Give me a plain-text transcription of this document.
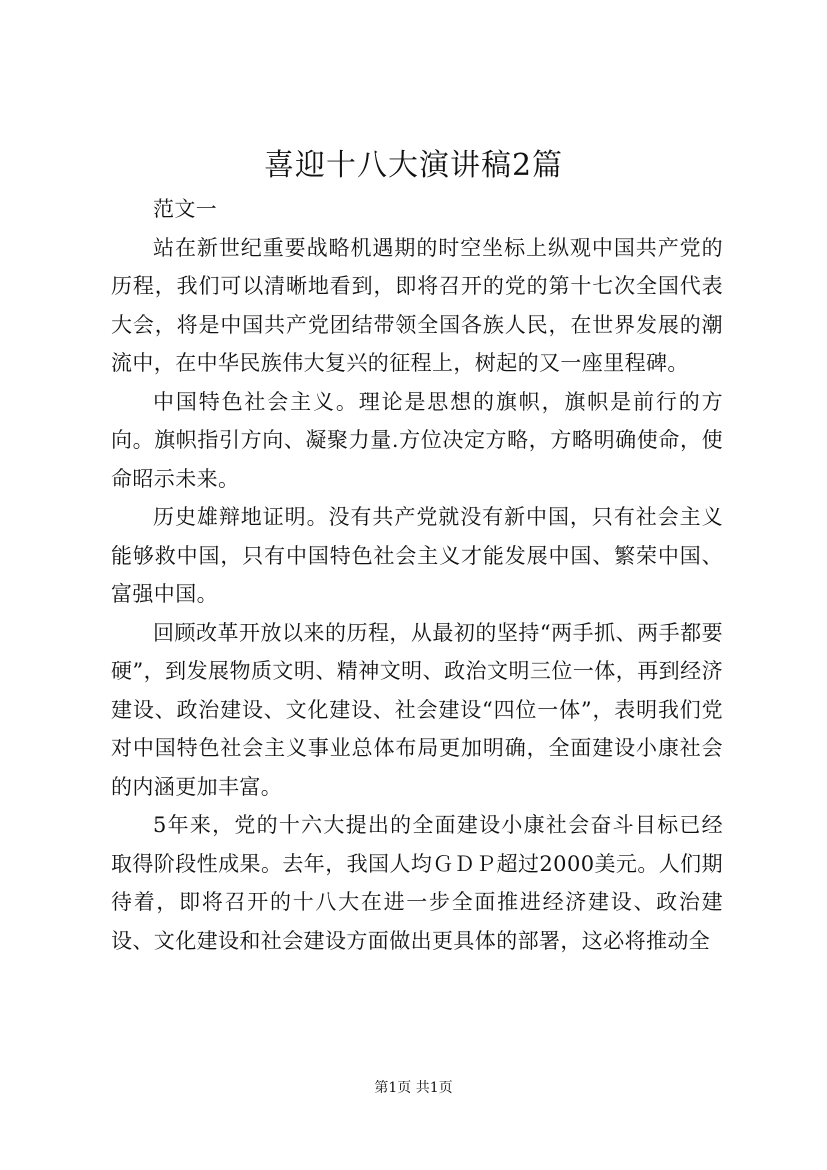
喜迎十八大演讲稿2篇

范文一

站在新世纪重要战略机遇期的时空坐标上纵观中国共产党的历程，我们可以清晰地看到，即将召开的党的第十七次全国代表大会，将是中国共产党团结带领全国各族人民，在世界发展的潮流中，在中华民族伟大复兴的征程上，树起的又一座里程碑。

中国特色社会主义。理论是思想的旗帜，旗帜是前行的方向。旗帜指引方向、凝聚力量.方位决定方略，方略明确使命，使命昭示未来。

历史雄辩地证明。没有共产党就没有新中国，只有社会主义能够救中国，只有中国特色社会主义才能发展中国、繁荣中国、富强中国。

回顾改革开放以来的历程，从最初的坚持“两手抓、两手都要硬”，到发展物质文明、精神文明、政治文明三位一体，再到经济建设、政治建设、文化建设、社会建设“四位一体”，表明我们党对中国特色社会主义事业总体布局更加明确，全面建设小康社会的内涵更加丰富。

5年来，党的十六大提出的全面建设小康社会奋斗目标已经取得阶段性成果。去年，我国人均ＧＤＰ超过2000美元。人们期待着，即将召开的十八大在进一步全面推进经济建设、政治建设、文化建设和社会建设方面做出更具体的部署，这必将推动全

第1页 共1页
